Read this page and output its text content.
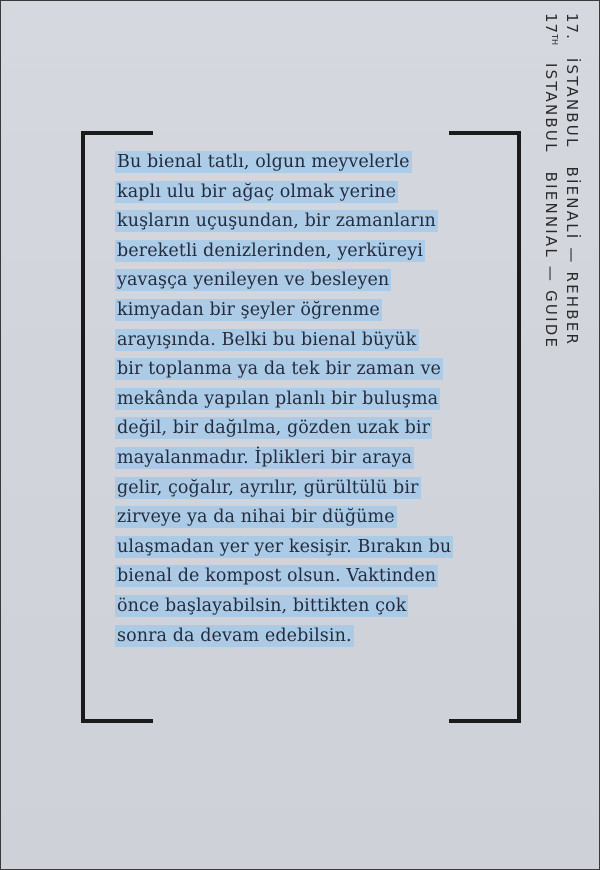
17.İSTANBULBİENALİ — REHBER
17THISTANBULBIENNIAL — GUIDE

Bu bienal tatlı, olgun meyvelerle
kaplı ulu bir ağaç olmak yerine
kuşların uçuşundan, bir zamanların
bereketli denizlerinden, yerküreyi
yavaşça yenileyen ve besleyen
kimyadan bir şeyler öğrenme
arayışında. Belki bu bienal büyük
bir toplanma ya da tek bir zaman ve
mekânda yapılan planlı bir buluşma
değil, bir dağılma, gözden uzak bir
mayalanmadır. İplikleri bir araya
gelir, çoğalır, ayrılır, gürültülü bir
zirveye ya da nihai bir düğüme
ulaşmadan yer yer kesişir. Bırakın bu
bienal de kompost olsun. Vaktinden
önce başlayabilsin, bittikten çok
sonra da devam edebilsin.
